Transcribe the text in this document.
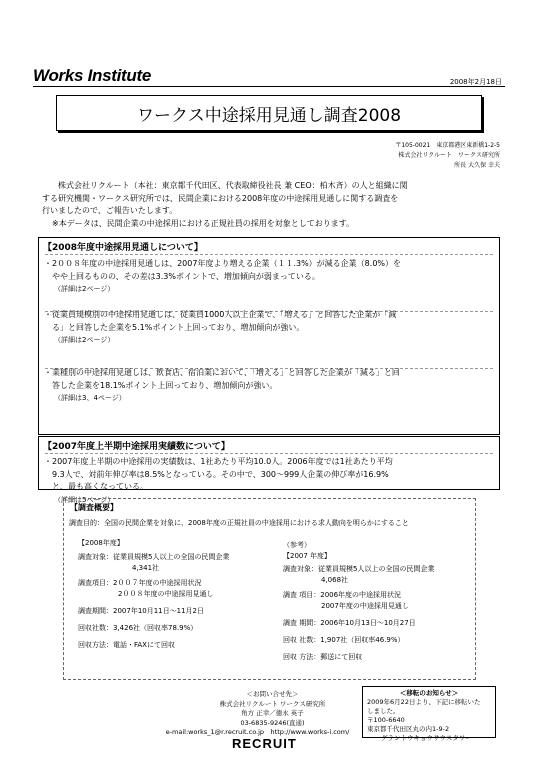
Works Institute	2008年2月18日
ワークス中途採用見通し調査2008
〒105-0021　東京都港区東新橋1-2-5
株式会社リクルート　ワークス研究所
所長 大久保 幸夫

株式会社リクルート（本社：東京都千代田区、代表取締役社長 兼 CEO：柏木斉）の人と組織に関

する研究機関・ワークス研究所では、民間企業における2008年度の中途採用見通しに関する調査を

行いましたので、ご報告いたします。

※本データは、民間企業の中途採用における正規社員の採用を対象としております。

【2008年度中途採用見通しについて】

・2００８年度の中途採用見通しは、2007年度より増える企業（１１.3%）が減る企業（8.0%）を

やや上回るものの、その差は3.3%ポイントで、増加傾向が弱まっている。

（詳細は2ページ）

・従業員規模別の中途採用見通しは、従業員1000人以上企業で、「増える」と回答した企業が「減

る」と回答した企業を5.1%ポイント上回っており、増加傾向が強い。

（詳細は2ページ）

・業種別の中途採用見通しは、飲食店、宿泊業において、「増える」と回答した企業が「減る」と回

答した企業を18.1%ポイント上回っており、増加傾向が強い。

（詳細は3、4ページ）

【2007年度上半期中途採用実績数について】

・2007年度上半期の中途採用の実績数は、1社あたり平均10.0人。2006年度では1社あたり平均

9.3人で、対前年伸び率は8.5%となっている。その中で、300～999人企業の伸び率が16.9%

と、最も高くなっている。

（詳細は5ページ）

【調査概要】
調査目的：全国の民間企業を対象に、2008年度の正規社員の中途採用における求人動向を明らかにすること
【2008年度】
調査対象： 従業員規模5人以上の全国の民間企業
4,341社
調査項目： 2００７年度の中途採用状況
2００８年度の中途採用見通し
調査期間： 2007年10月11日～11月2日
回収社数： 3,426社（回収率78.9%）
回収方法： 電話・FAXにて回収
（参考）
【2007 年度】
調査対象： 従業員規模5人以上の全国の民間企業
4,068社
調査 項目： 2006年度の中途採用状況
2007年度の中途採用見通し
調査 期間： 2006年10月13日～10月27日
回収 社数： 1,907社（回収率46.9%）
回収 方法： 郵送にて回収
＜お問い合せ先＞
株式会社リクルート ワークス研究所
角方 正幸／徳永 英子
03-6835-9246(直通)
e-mail:works_1@r.recruit.co.jp　http://www.works-i.com/
＜移転のお知らせ＞
2009年6月22日より、下記に移転いた
しました。
〒100-6640
東京都千代田区丸の内1-9-2
グラントウキョウサウスタワー
RECRUIT
